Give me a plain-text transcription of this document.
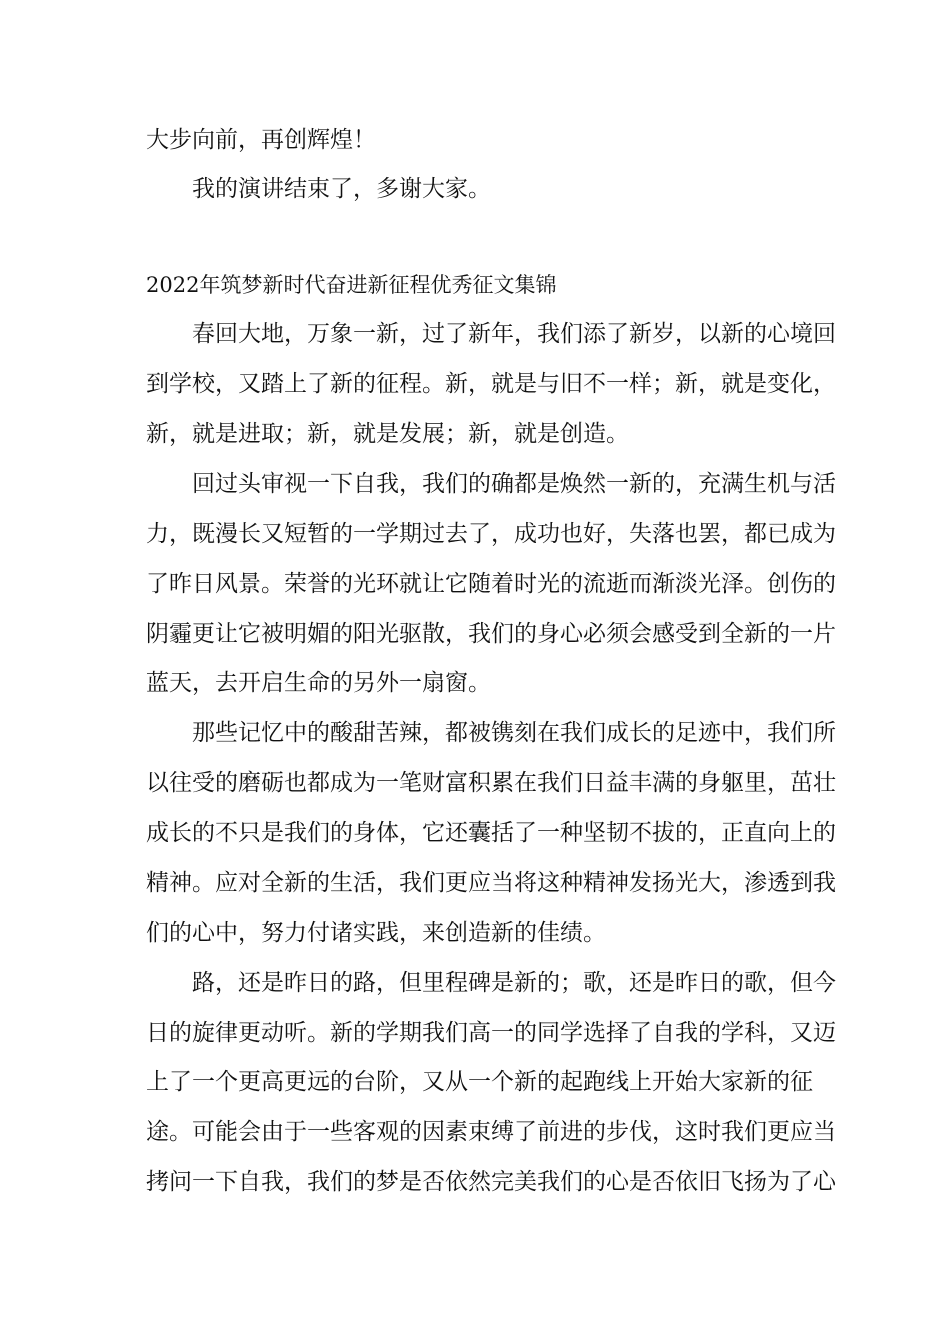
大步向前，再创辉煌！
我的演讲结束了，多谢大家。
2022年筑梦新时代奋进新征程优秀征文集锦
春回大地，万象一新，过了新年，我们添了新岁，以新的心境回
到学校，又踏上了新的征程。新，就是与旧不一样；新，就是变化，
新，就是进取；新，就是发展；新，就是创造。
回过头审视一下自我，我们的确都是焕然一新的，充满生机与活
力，既漫长又短暂的一学期过去了，成功也好，失落也罢，都已成为
了昨日风景。荣誉的光环就让它随着时光的流逝而渐淡光泽。创伤的
阴霾更让它被明媚的阳光驱散，我们的身心必须会感受到全新的一片
蓝天，去开启生命的另外一扇窗。
那些记忆中的酸甜苦辣，都被镌刻在我们成长的足迹中，我们所
以往受的磨砺也都成为一笔财富积累在我们日益丰满的身躯里，茁壮
成长的不只是我们的身体，它还囊括了一种坚韧不拔的，正直向上的
精神。应对全新的生活，我们更应当将这种精神发扬光大，渗透到我
们的心中，努力付诸实践，来创造新的佳绩。
路，还是昨日的路，但里程碑是新的；歌，还是昨日的歌，但今
日的旋律更动听。新的学期我们高一的同学选择了自我的学科，又迈
上了一个更高更远的台阶，又从一个新的起跑线上开始大家新的征
途。可能会由于一些客观的因素束缚了前进的步伐，这时我们更应当
拷问一下自我，我们的梦是否依然完美我们的心是否依旧飞扬为了心
